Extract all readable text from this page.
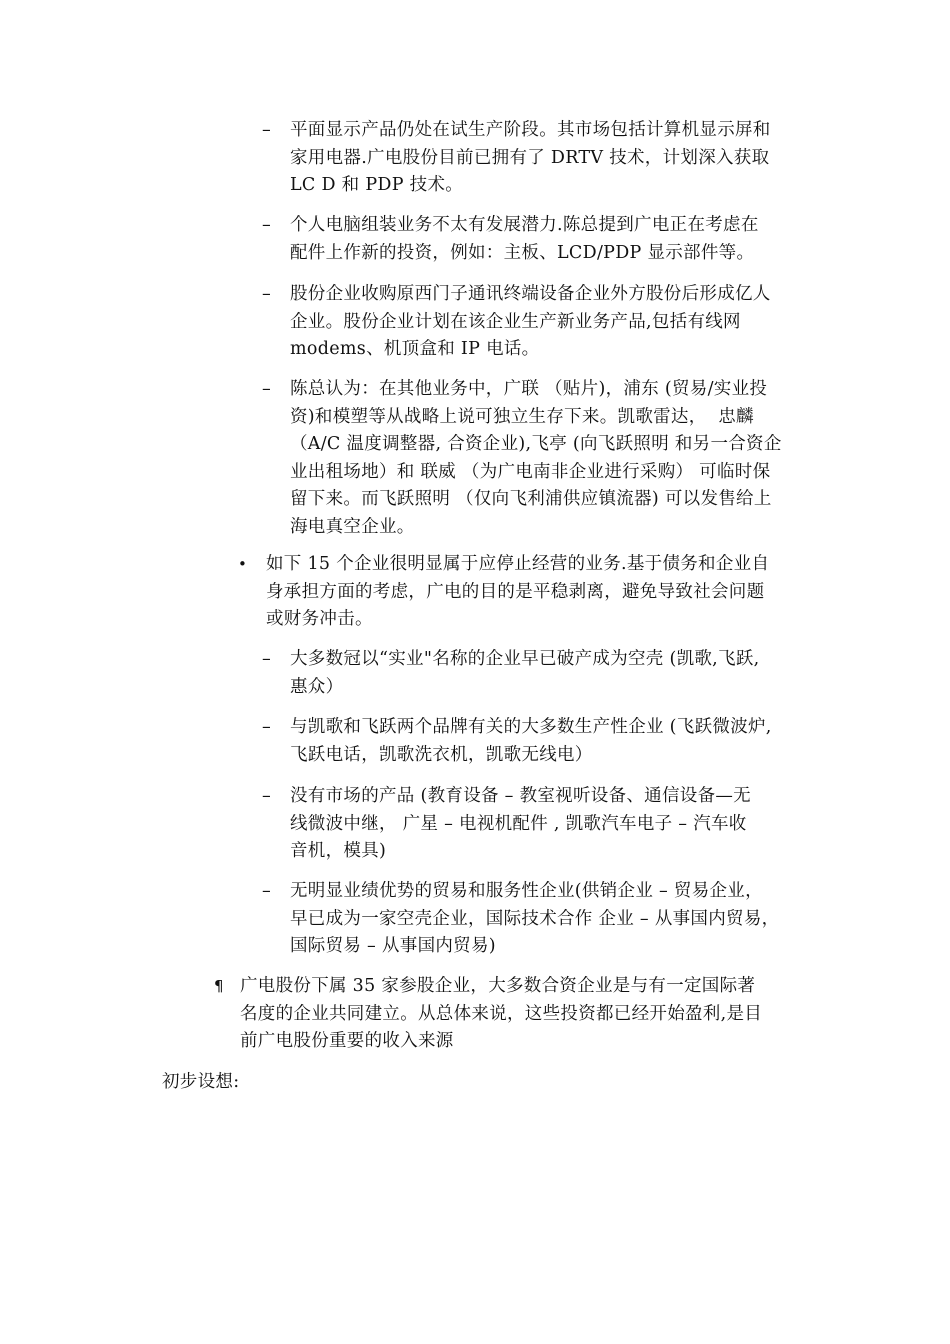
– 平面显示产品仍处在试生产阶段。其市场包括计算机显示屏和
家用电器.广电股份目前已拥有了 DRTV 技术，计划深入获取
LC D 和 PDP 技术。
– 个人电脑组装业务不太有发展潜力.陈总提到广电正在考虑在
配件上作新的投资，例如：主板、LCD/PDP 显示部件等。
– 股份企业收购原西门子通讯终端设备企业外方股份后形成亿人
企业。股份企业计划在该企业生产新业务产品,包括有线网
modems、机顶盒和 IP 电话。
– 陈总认为：在其他业务中，广联 （贴片)，浦东 (贸易/实业投
资)和模塑等从战略上说可独立生存下来。凯歌雷达，  忠麟
（A/C 温度调整器, 合资企业),飞亭 (向飞跃照明 和另一合资企
业出租场地）和 联威 （为广电南非企业进行采购） 可临时保
留下来。而飞跃照明 （仅向飞利浦供应镇流器) 可以发售给上
海电真空企业。
• 如下 15 个企业很明显属于应停止经营的业务.基于债务和企业自
身承担方面的考虑，广电的目的是平稳剥离，避免导致社会问题
或财务冲击。
– 大多数冠以“实业"名称的企业早已破产成为空壳 (凯歌,飞跃,
惠众）
– 与凯歌和飞跃两个品牌有关的大多数生产性企业 (飞跃微波炉,
飞跃电话，凯歌洗衣机，凯歌无线电）
– 没有市场的产品 (教育设备 – 教室视听设备、通信设备—无
线微波中继， 广星 – 电视机配件 , 凯歌汽车电子 – 汽车收
音机，模具)
– 无明显业绩优势的贸易和服务性企业(供销企业 – 贸易企业，
早已成为一家空壳企业，国际技术合作 企业 – 从事国内贸易，
国际贸易 – 从事国内贸易)
¶ 广电股份下属 35 家参股企业，大多数合资企业是与有一定国际著
名度的企业共同建立。从总体来说，这些投资都已经开始盈利,是目
前广电股份重要的收入来源
初步设想:
